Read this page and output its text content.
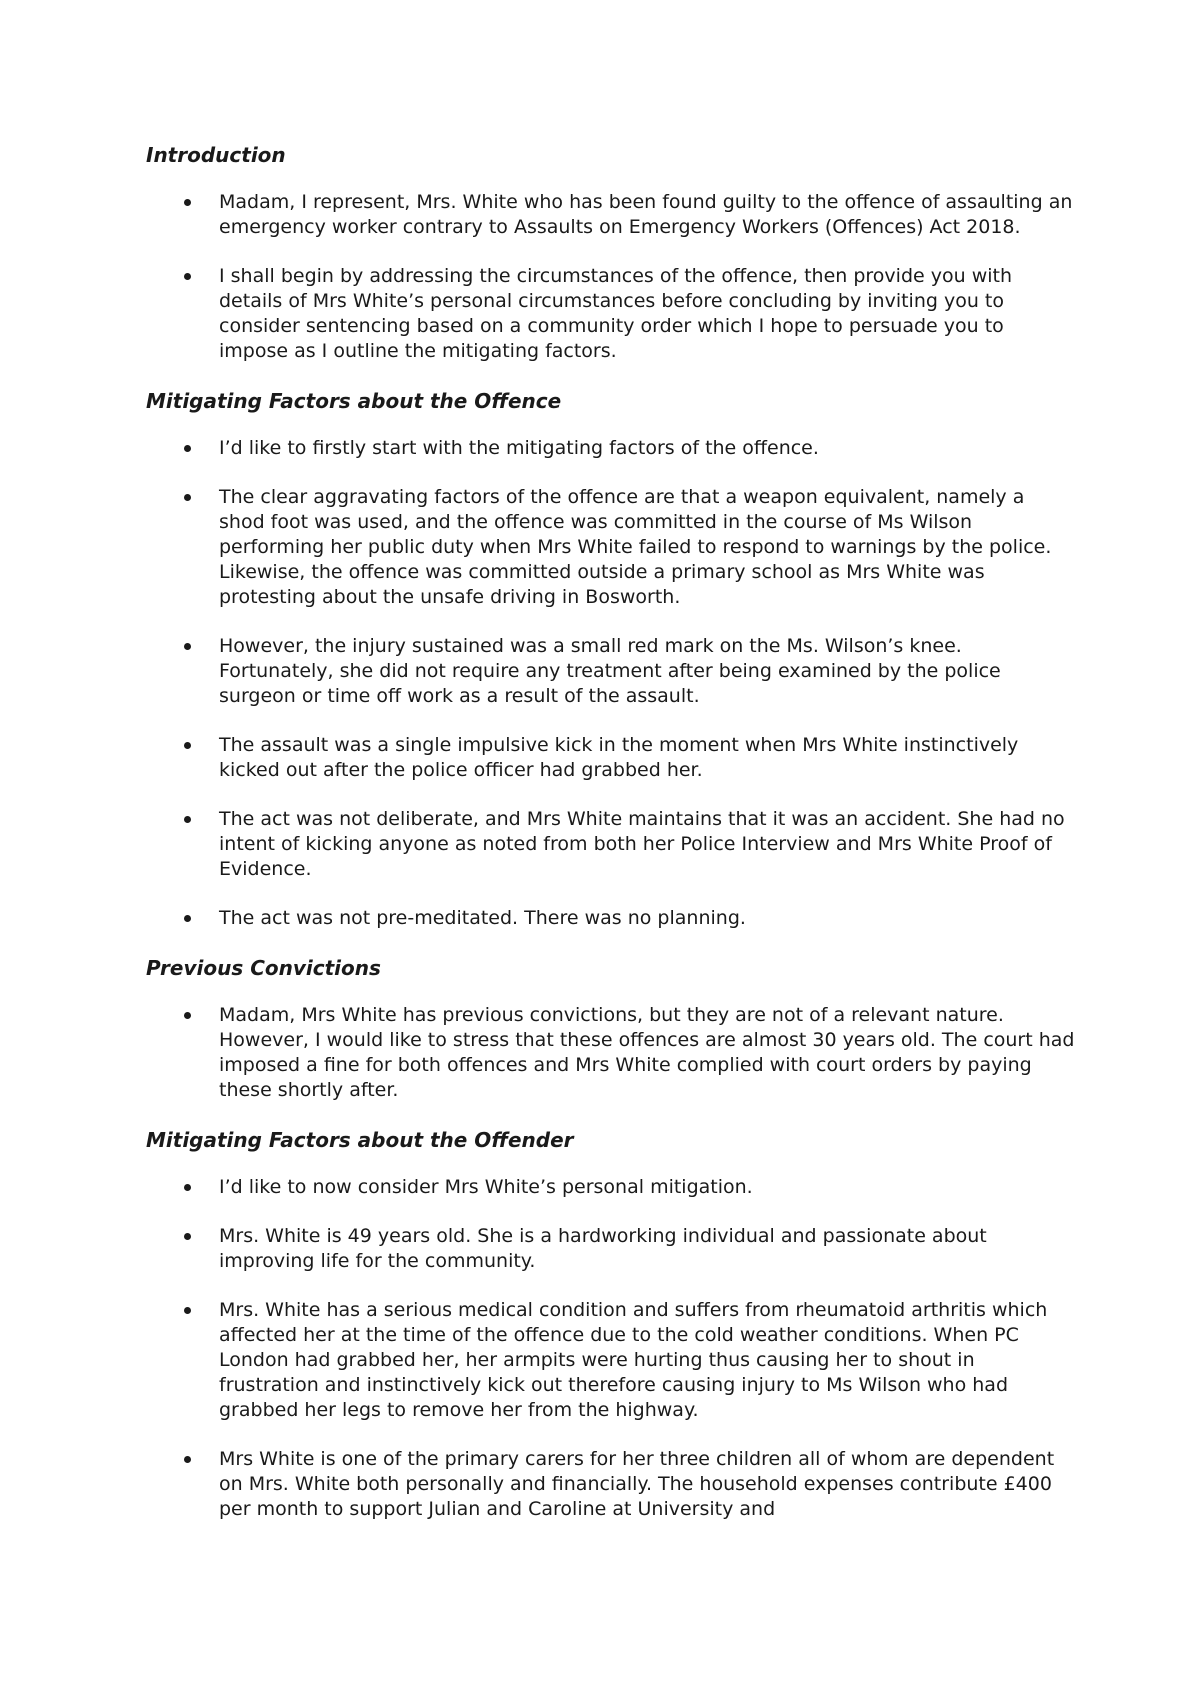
Introduction
Madam, I represent, Mrs. White who has been found guilty to the offence of assaulting an emergency worker contrary to Assaults on Emergency Workers (Offences) Act 2018.
I shall begin by addressing the circumstances of the offence, then provide you with details of Mrs White’s personal circumstances before concluding by inviting you to consider sentencing based on a community order which I hope to persuade you to impose as I outline the mitigating factors.
Mitigating Factors about the Offence
I’d like to firstly start with the mitigating factors of the offence.
The clear aggravating factors of the offence are that a weapon equivalent, namely a shod foot was used, and the offence was committed in the course of Ms Wilson performing her public duty when Mrs White failed to respond to warnings by the police. Likewise, the offence was committed outside a primary school as Mrs White was protesting about the unsafe driving in Bosworth.
However, the injury sustained was a small red mark on the Ms. Wilson’s knee. Fortunately, she did not require any treatment after being examined by the police surgeon or time off work as a result of the assault.
The assault was a single impulsive kick in the moment when Mrs White instinctively kicked out after the police officer had grabbed her.
The act was not deliberate, and Mrs White maintains that it was an accident. She had no intent of kicking anyone as noted from both her Police Interview and Mrs White Proof of Evidence.
The act was not pre-meditated. There was no planning.
Previous Convictions
Madam, Mrs White has previous convictions, but they are not of a relevant nature. However, I would like to stress that these offences are almost 30 years old. The court had imposed a fine for both offences and Mrs White complied with court orders by paying these shortly after.
Mitigating Factors about the Offender
I’d like to now consider Mrs White’s personal mitigation.
Mrs. White is 49 years old. She is a hardworking individual and passionate about improving life for the community.
Mrs. White has a serious medical condition and suffers from rheumatoid arthritis which affected her at the time of the offence due to the cold weather conditions. When PC London had grabbed her, her armpits were hurting thus causing her to shout in frustration and instinctively kick out therefore causing injury to Ms Wilson who had grabbed her legs to remove her from the highway.
Mrs White is one of the primary carers for her three children all of whom are dependent on Mrs. White both personally and financially. The household expenses contribute £400 per month to support Julian and Caroline at University and
